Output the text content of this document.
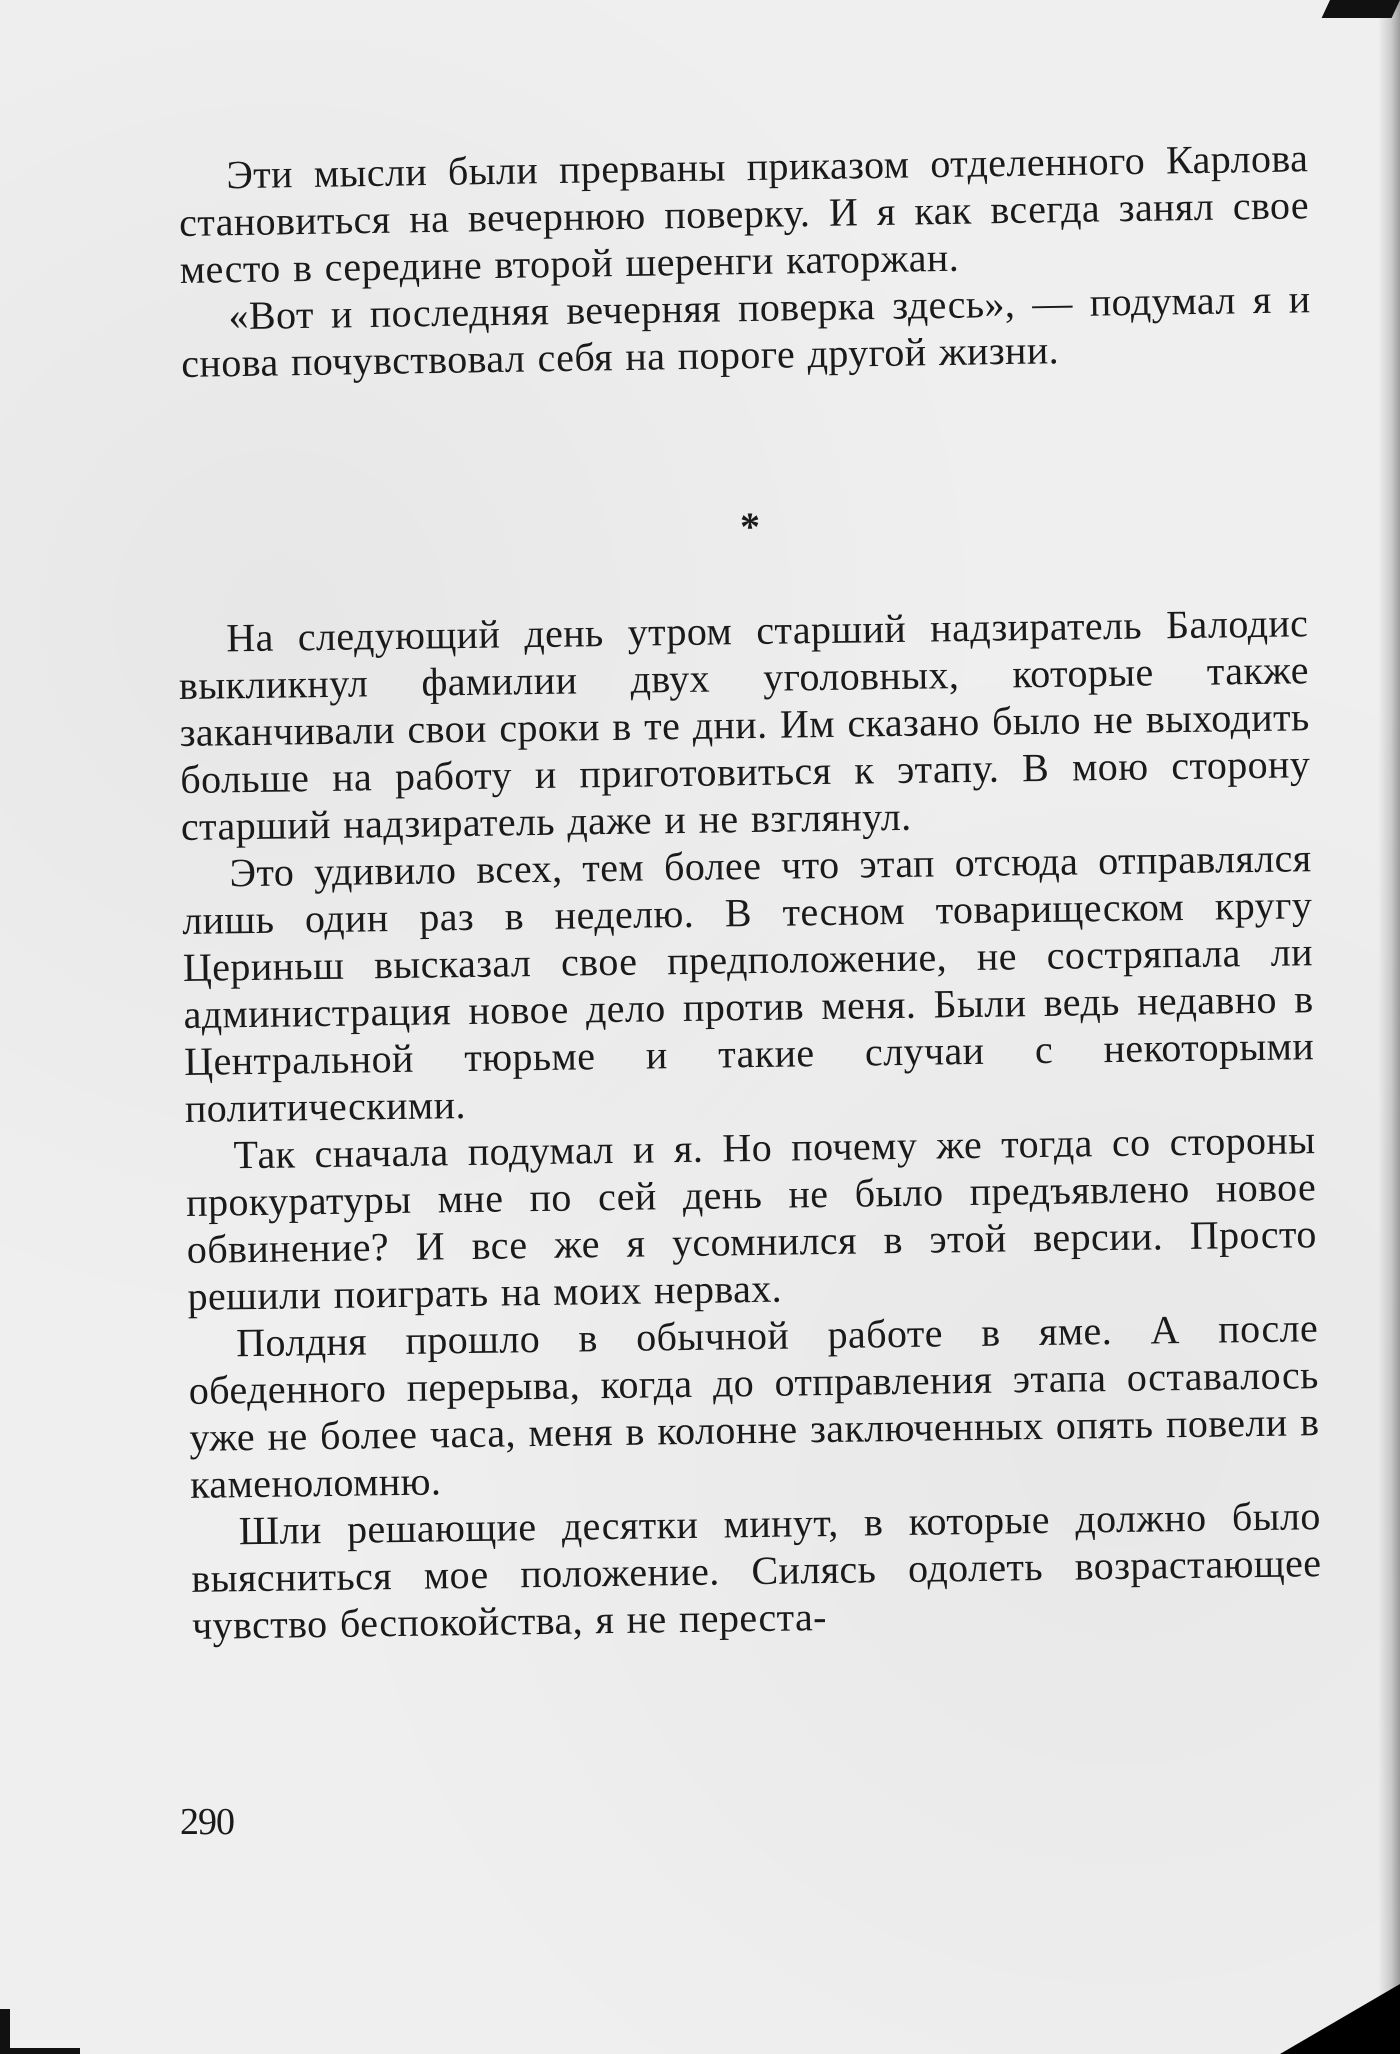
Эти мысли были прерваны приказом отделенного Карлова становиться на вечернюю поверку. И я как всегда занял свое место в середине второй шеренги каторжан.

«Вот и последняя вечерняя поверка здесь», — подумал я и снова почувствовал себя на пороге другой жизни.

*

На следующий день утром старший надзиратель Балодис выкликнул фамилии двух уголовных, которые также заканчивали свои сроки в те дни. Им сказано было не выходить больше на работу и приготовиться к этапу. В мою сторону старший надзиратель даже и не взглянул.

Это удивило всех, тем более что этап отсюда отправлялся лишь один раз в неделю. В тесном товарищеском кругу Цериньш высказал свое предположение, не состряпала ли администрация новое дело против меня. Были ведь недавно в Центральной тюрьме и такие случаи с некоторыми политическими.

Так сначала подумал и я. Но почему же тогда со стороны прокуратуры мне по сей день не было предъявлено новое обвинение? И все же я усомнился в этой версии. Просто решили поиграть на моих нервах.

Полдня прошло в обычной работе в яме. А после обеденного перерыва, когда до отправления этапа оставалось уже не более часа, меня в колонне заключенных опять повели в каменоломню.

Шли решающие десятки минут, в которые должно было выясниться мое положение. Силясь одолеть возрастающее чувство беспокойства, я не переста-

290
